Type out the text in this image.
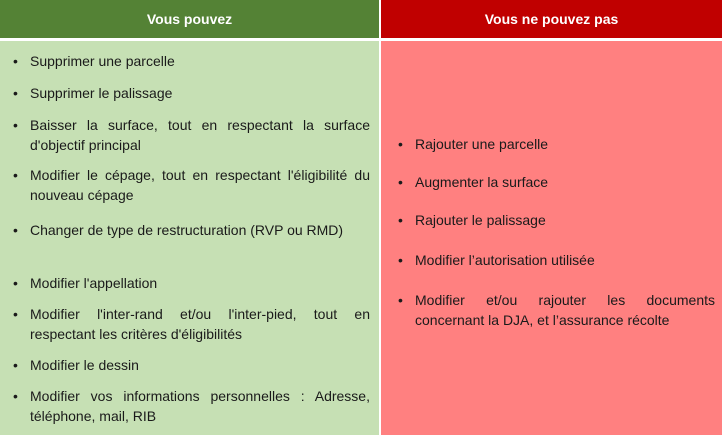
Vous pouvez
• Supprimer une parcelle
• Supprimer le palissage
• Baisser la surface, tout en respectant la surface d'objectif principal
• Modifier le cépage, tout en respectant l'éligibilité du nouveau cépage
• Changer de type de restructuration (RVP ou RMD)
• Modifier l'appellation
• Modifier l'inter-rand et/ou l'inter-pied, tout en respectant les critères d'éligibilités
• Modifier le dessin
• Modifier vos informations personnelles : Adresse, téléphone, mail, RIB
Vous ne pouvez pas
• Rajouter une parcelle
• Augmenter la surface
• Rajouter le palissage
• Modifier l’autorisation utilisée
• Modifier et/ou rajouter les documents concernant la DJA, et l’assurance récolte
